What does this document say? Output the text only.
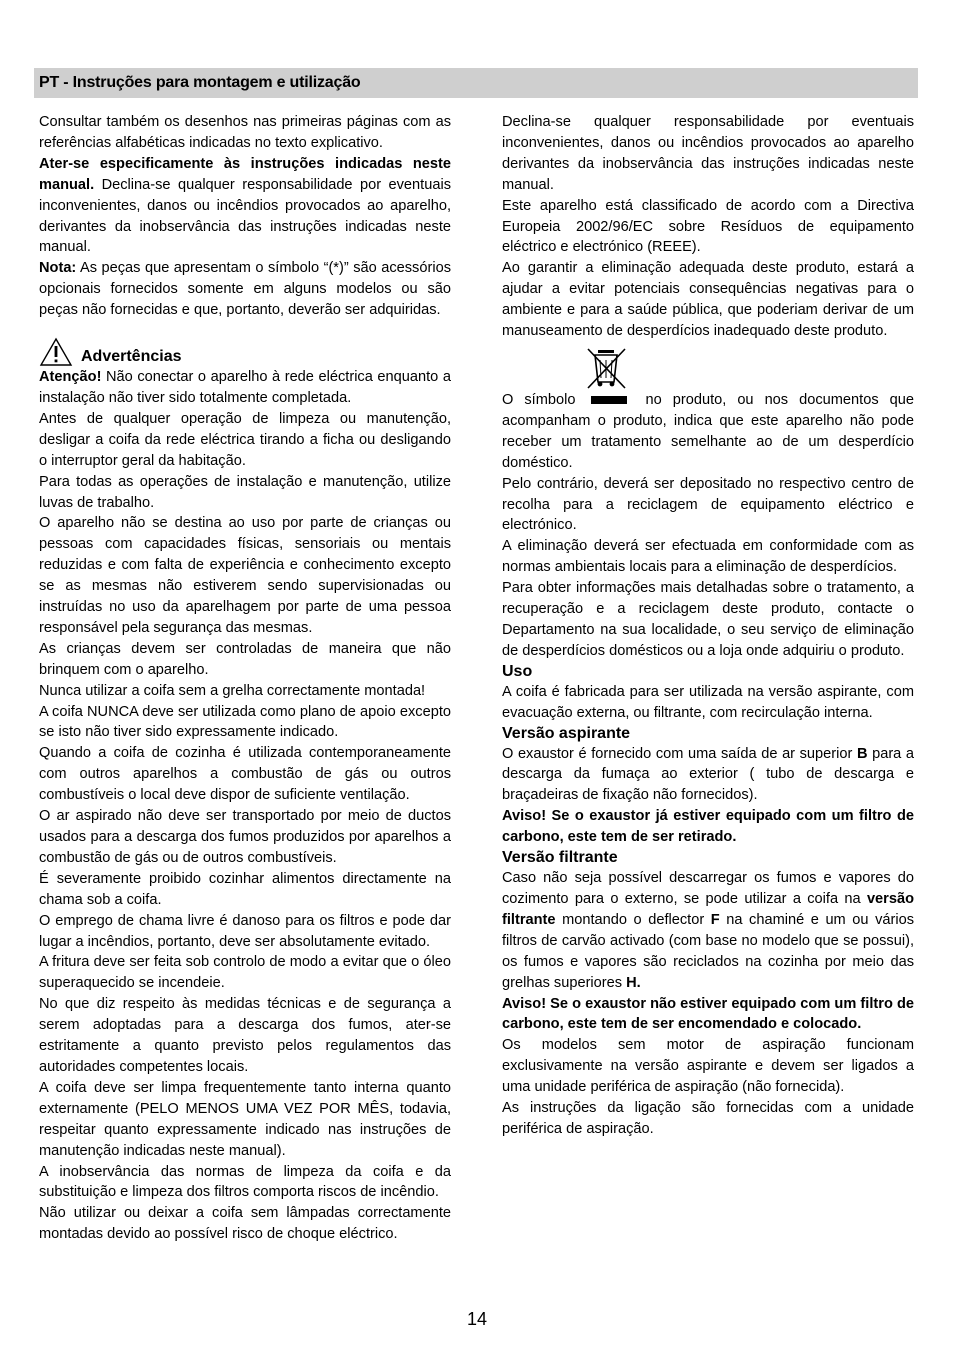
PT - Instruções para montagem e utilização

Consultar também os desenhos nas primeiras páginas com as referências alfabéticas indicadas no texto explicativo.

Ater-se especificamente às instruções indicadas neste manual. Declina-se qualquer responsabilidade por eventuais inconvenientes, danos ou incêndios provocados ao aparelho, derivantes da inobservância das instruções indicadas neste manual.

Nota: As peças que apresentam o símbolo “(*)” são acessórios opcionais fornecidos somente em alguns modelos ou são peças não fornecidas e que, portanto, deverão ser adquiridas.

Advertências

Atenção! Não conectar o aparelho à rede eléctrica enquanto a instalação não tiver sido totalmente completada.

Antes de qualquer operação de limpeza ou manutenção, desligar a coifa da rede eléctrica tirando a ficha ou desligando o interruptor geral da habitação.

Para todas as operações de instalação e manutenção, utilize luvas de trabalho.

O aparelho não se destina ao uso por parte de crianças ou pessoas com capacidades físicas, sensoriais ou mentais reduzidas e com falta de experiência e conhecimento excepto se as mesmas não estiverem sendo supervisionadas ou instruídas no uso da aparelhagem por parte de uma pessoa responsável pela segurança das mesmas.

As crianças devem ser controladas de maneira que não brinquem com o aparelho.

Nunca utilizar a coifa sem a grelha correctamente montada!

A coifa NUNCA deve ser utilizada como plano de apoio excepto se isto não tiver sido expressamente indicado.

Quando a coifa de cozinha é utilizada contemporaneamente com outros aparelhos a combustão de gás ou outros combustíveis o local deve dispor de suficiente ventilação.

O ar aspirado não deve ser transportado por meio de ductos usados para a descarga dos fumos produzidos por aparelhos a combustão de gás ou de outros combustíveis.

É severamente proibido cozinhar alimentos directamente na chama sob a coifa.

O emprego de chama livre é danoso para os filtros e pode dar lugar a incêndios, portanto, deve ser absolutamente evitado.

A fritura deve ser feita sob controlo de modo a evitar que o óleo superaquecido se incendeie.

No que diz respeito às medidas técnicas e de segurança a serem adoptadas para a descarga dos fumos, ater-se estritamente a quanto previsto pelos regulamentos das autoridades competentes locais.

A coifa deve ser limpa frequentemente tanto interna quanto externamente (PELO MENOS UMA VEZ POR MÊS, todavia, respeitar quanto expressamente indicado nas instruções de manutenção indicadas neste manual).

A inobservância das normas de limpeza da coifa e da substituição e limpeza dos filtros comporta riscos de incêndio.

Não utilizar ou deixar a coifa sem lâmpadas correctamente montadas devido ao possível risco de choque eléctrico.

Declina-se qualquer responsabilidade por eventuais inconvenientes, danos ou incêndios provocados ao aparelho derivantes da inobservância das instruções indicadas neste manual.

Este aparelho está classificado de acordo com a Directiva Europeia 2002/96/EC sobre Resíduos de equipamento eléctrico e electrónico (REEE).

Ao garantir a eliminação adequada deste produto, estará a ajudar a evitar potenciais consequências negativas para o ambiente e para a saúde pública, que poderiam derivar de um manuseamento de desperdícios inadequado deste produto.

O símbolo	no produto, ou nos documentos que acompanham o produto, indica que este aparelho não pode receber um tratamento semelhante ao de um desperdício doméstico.

Pelo contrário, deverá ser depositado no respectivo centro de recolha para a reciclagem de equipamento eléctrico e electrónico.

A eliminação deverá ser efectuada em conformidade com as normas ambientais locais para a eliminação de desperdícios.

Para obter informações mais detalhadas sobre o tratamento, a recuperação e a reciclagem deste produto, contacte o Departamento na sua localidade, o seu serviço de eliminação de desperdícios domésticos ou a loja onde adquiriu o produto.

Uso

A coifa é fabricada para ser utilizada na versão aspirante, com evacuação externa, ou filtrante, com recirculação interna.

Versão aspirante

O exaustor é fornecido com uma saída de ar superior B para a descarga da fumaça ao exterior ( tubo de descarga e braçadeiras de fixação não fornecidos).

Aviso! Se o exaustor já estiver equipado com um filtro de carbono, este tem de ser retirado.

Versão filtrante

Caso não seja possível descarregar os fumos e vapores do cozimento para o externo, se pode utilizar a coifa na versão filtrante montando o deflector F na chaminé e um ou vários filtros de carvão activado (com base no modelo que se possui), os fumos e vapores são reciclados na cozinha por meio das grelhas superiores H.

Aviso! Se o exaustor não estiver equipado com um filtro de carbono, este tem de ser encomendado e colocado.

Os modelos sem motor de aspiração funcionam exclusivamente na versão aspirante e devem ser ligados a uma unidade periférica de aspiração (não fornecida).

As instruções da ligação são fornecidas com a unidade periférica de aspiração.

14
